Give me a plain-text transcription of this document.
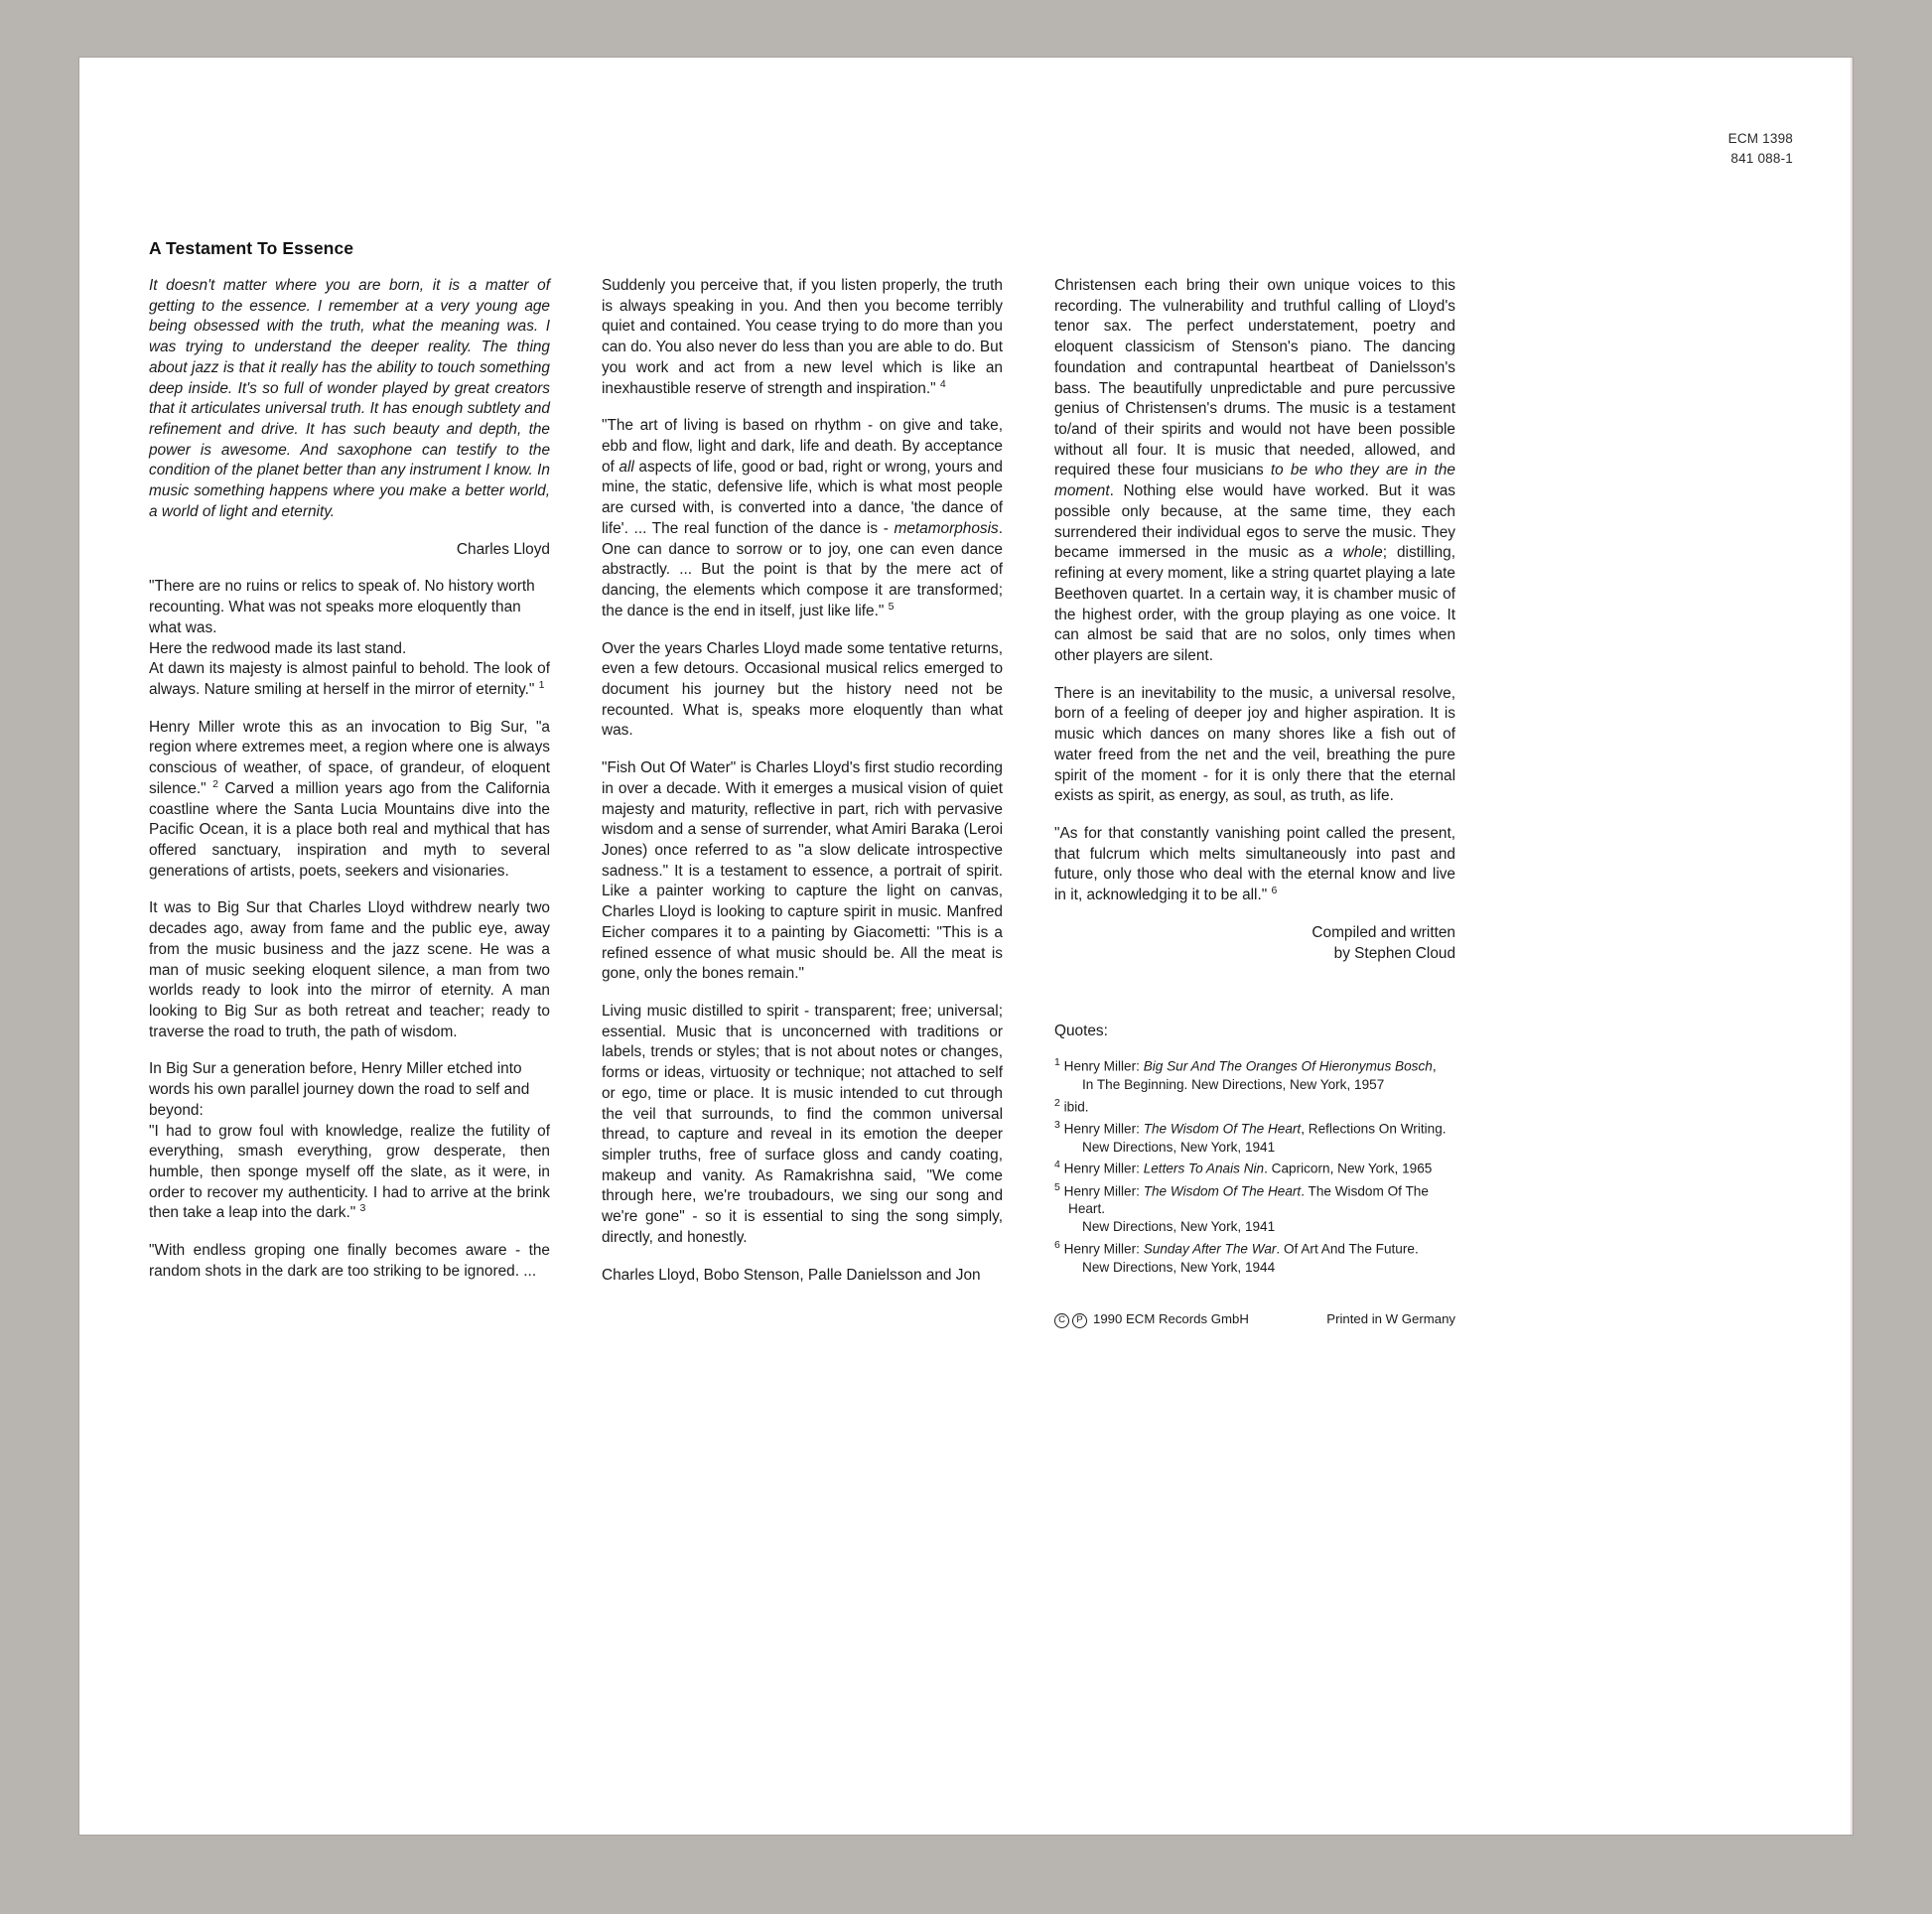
ECM 1398
841 088-1
A Testament To Essence

It doesn't matter where you are born, it is a matter of getting to the essence. I remember at a very young age being obsessed with the truth, what the meaning was. I was trying to understand the deeper reality. The thing about jazz is that it really has the ability to touch something deep inside. It's so full of wonder played by great creators that it articulates universal truth. It has enough subtlety and refinement and drive. It has such beauty and depth, the power is awesome. And saxophone can testify to the condition of the planet better than any instrument I know. In music something happens where you make a better world, a world of light and eternity.

Charles Lloyd

"There are no ruins or relics to speak of. No history worth recounting. What was not speaks more eloquently than what was.

Here the redwood made its last stand.

At dawn its majesty is almost painful to behold. The look of always. Nature smiling at herself in the mirror of eternity." $^1$

Henry Miller wrote this as an invocation to Big Sur, "a region where extremes meet, a region where one is always conscious of weather, of space, of grandeur, of eloquent silence." $^2$ Carved a million years ago from the California coastline where the Santa Lucia Mountains dive into the Pacific Ocean, it is a place both real and mythical that has offered sanctuary, inspiration and myth to several generations of artists, poets, seekers and visionaries.

It was to Big Sur that Charles Lloyd withdrew nearly two decades ago, away from fame and the public eye, away from the music business and the jazz scene. He was a man of music seeking eloquent silence, a man from two worlds ready to look into the mirror of eternity. A man looking to Big Sur as both retreat and teacher; ready to traverse the road to truth, the path of wisdom.

In Big Sur a generation before, Henry Miller etched into words his own parallel journey down the road to self and beyond:

"I had to grow foul with knowledge, realize the futility of everything, smash everything, grow desperate, then humble, then sponge myself off the slate, as it were, in order to recover my authenticity. I had to arrive at the brink then take a leap into the dark." $^3$

"With endless groping one finally becomes aware - the random shots in the dark are too striking to be ignored. ...

Suddenly you perceive that, if you listen properly, the truth is always speaking in you. And then you become terribly quiet and contained. You cease trying to do more than you can do. You also never do less than you are able to do. But you work and act from a new level which is like an inexhaustible reserve of strength and inspiration." $^4$

"The art of living is based on rhythm - on give and take, ebb and flow, light and dark, life and death. By acceptance of all aspects of life, good or bad, right or wrong, yours and mine, the static, defensive life, which is what most people are cursed with, is converted into a dance, 'the dance of life'. ... The real function of the dance is - metamorphosis. One can dance to sorrow or to joy, one can even dance abstractly. ... But the point is that by the mere act of dancing, the elements which compose it are transformed; the dance is the end in itself, just like life." $^5$

Over the years Charles Lloyd made some tentative returns, even a few detours. Occasional musical relics emerged to document his journey but the history need not be recounted. What is, speaks more eloquently than what was.

"Fish Out Of Water" is Charles Lloyd's first studio recording in over a decade. With it emerges a musical vision of quiet majesty and maturity, reflective in part, rich with pervasive wisdom and a sense of surrender, what Amiri Baraka (Leroi Jones) once referred to as "a slow delicate introspective sadness." It is a testament to essence, a portrait of spirit. Like a painter working to capture the light on canvas, Charles Lloyd is looking to capture spirit in music. Manfred Eicher compares it to a painting by Giacometti: "This is a refined essence of what music should be. All the meat is gone, only the bones remain."

Living music distilled to spirit - transparent; free; universal; essential. Music that is unconcerned with traditions or labels, trends or styles; that is not about notes or changes, forms or ideas, virtuosity or technique; not attached to self or ego, time or place. It is music intended to cut through the veil that surrounds, to find the common universal thread, to capture and reveal in its emotion the deeper simpler truths, free of surface gloss and candy coating, makeup and vanity. As Ramakrishna said, "We come through here, we're troubadours, we sing our song and we're gone" - so it is essential to sing the song simply, directly, and honestly.

Charles Lloyd, Bobo Stenson, Palle Danielsson and Jon

Christensen each bring their own unique voices to this recording. The vulnerability and truthful calling of Lloyd's tenor sax. The perfect understatement, poetry and eloquent classicism of Stenson's piano. The dancing foundation and contrapuntal heartbeat of Danielsson's bass. The beautifully unpredictable and pure percussive genius of Christensen's drums. The music is a testament to/and of their spirits and would not have been possible without all four. It is music that needed, allowed, and required these four musicians to be who they are in the moment. Nothing else would have worked. But it was possible only because, at the same time, they each surrendered their individual egos to serve the music. They became immersed in the music as a whole; distilling, refining at every moment, like a string quartet playing a late Beethoven quartet. In a certain way, it is chamber music of the highest order, with the group playing as one voice. It can almost be said that are no solos, only times when other players are silent.

There is an inevitability to the music, a universal resolve, born of a feeling of deeper joy and higher aspiration. It is music which dances on many shores like a fish out of water freed from the net and the veil, breathing the pure spirit of the moment - for it is only there that the eternal exists as spirit, as energy, as soul, as truth, as life.

"As for that constantly vanishing point called the present, that fulcrum which melts simultaneously into past and future, only those who deal with the eternal know and live in it, acknowledging it to be all." $^6$

Compiled and written
by Stephen Cloud

Quotes:
$^1$ Henry Miller: Big Sur And The Oranges Of Hieronymus Bosch,
In The Beginning. New Directions, New York, 1957
$^2$ ibid.
$^3$ Henry Miller: The Wisdom Of The Heart, Reflections On Writing.
New Directions, New York, 1941
$^4$ Henry Miller: Letters To Anais Nin. Capricorn, New York, 1965
$^5$ Henry Miller: The Wisdom Of The Heart. The Wisdom Of The Heart.
New Directions, New York, 1941
$^6$ Henry Miller: Sunday After The War. Of Art And The Future.
New Directions, New York, 1944
C P 1990 ECM Records GmbH	Printed in W Germany
